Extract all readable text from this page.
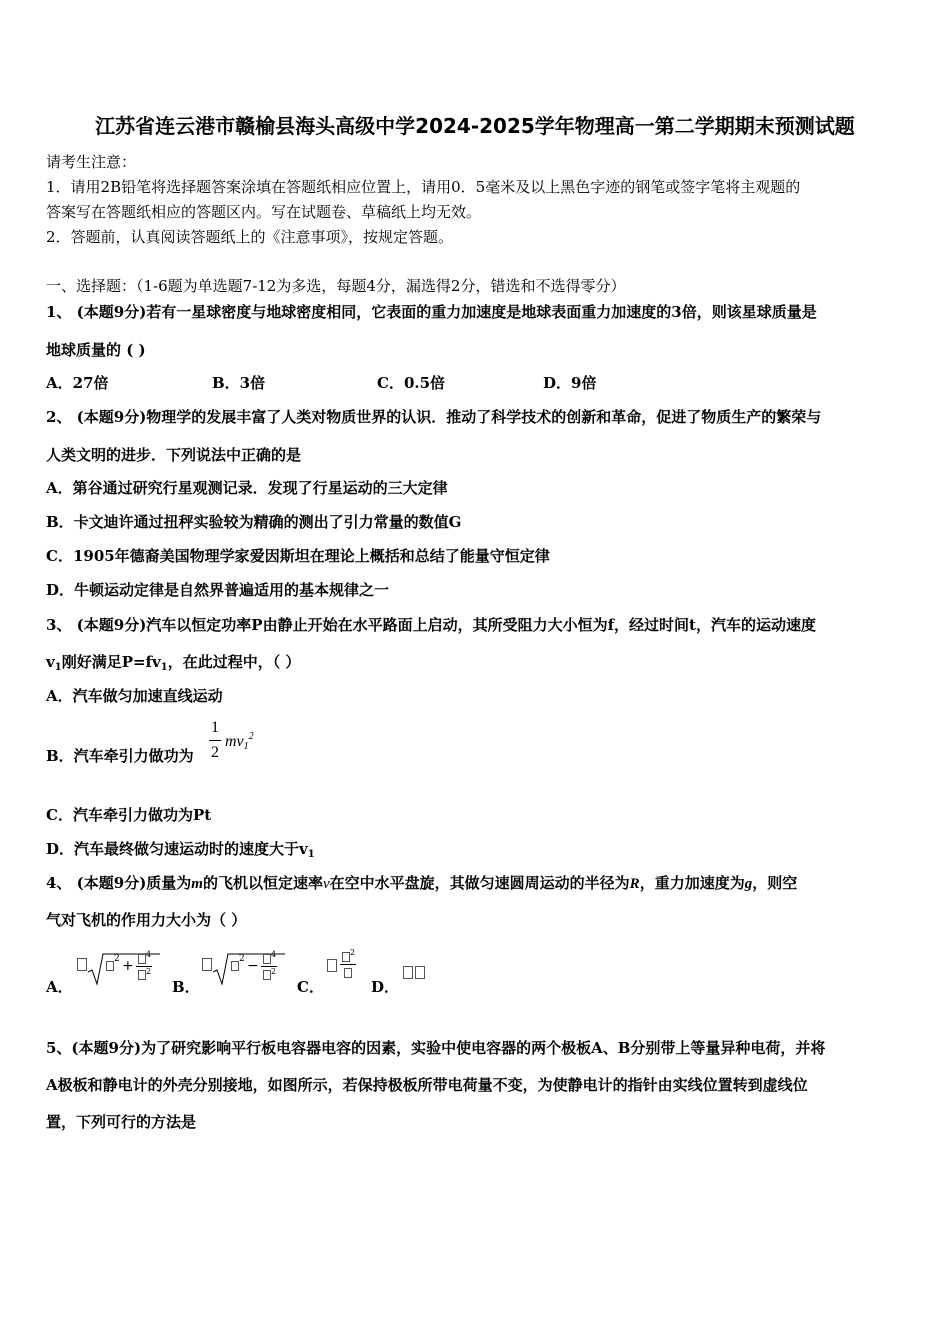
江苏省连云港市赣榆县海头高级中学2024-2025学年物理高一第二学期期末预测试题
请考生注意：
1．请用2B铅笔将选择题答案涂填在答题纸相应位置上，请用0．5毫米及以上黑色字迹的钢笔或签字笔将主观题的
答案写在答题纸相应的答题区内。写在试题卷、草稿纸上均无效。
2．答题前，认真阅读答题纸上的《注意事项》，按规定答题。
一、选择题：（1-6题为单选题7-12为多选，每题4分，漏选得2分，错选和不选得零分）
1、 (本题9分)若有一星球密度与地球密度相同，它表面的重力加速度是地球表面重力加速度的3倍，则该星球质量是
地球质量的 ( )
A．27倍	B．3倍	C．0.5倍	D．9倍
2、 (本题9分)物理学的发展丰富了人类对物质世界的认识．推动了科学技术的创新和革命，促进了物质生产的繁荣与
人类文明的进步．下列说法中正确的是
A．第谷通过研究行星观测记录．发现了行星运动的三大定律
B．卡文迪许通过扭秤实验较为精确的测出了引力常量的数值G
C．1905年德裔美国物理学家爱因斯坦在理论上概括和总结了能量守恒定律
D．牛顿运动定律是自然界普遍适用的基本规律之一
3、 (本题9分)汽车以恒定功率P由静止开始在水平路面上启动，其所受阻力大小恒为f，经过时间t，汽车的运动速度
$v_1$刚好满足$P=fv_1$，在此过程中，（ ）
A．汽车做匀加速直线运动
B．汽车牵引力做功为
1
2
$mv_1^2$
C．汽车牵引力做功为Pt
D．汽车最终做匀速运动时的速度大于$v_1$
4、 (本题9分)质量为m的飞机以恒定速率v在空中水平盘旋，其做匀速圆周运动的半径为R，重力加速度为g，则空
气对飞机的作用力大小为（ ）
A．
2 +
4
2
B．
2 −
4
2
C．
2
D．
5、(本题9分)为了研究影响平行板电容器电容的因素，实验中使电容器的两个极板A、B分别带上等量异种电荷，并将
A极板和静电计的外壳分别接地，如图所示，若保持极板所带电荷量不变，为使静电计的指针由实线位置转到虚线位
置，下列可行的方法是
